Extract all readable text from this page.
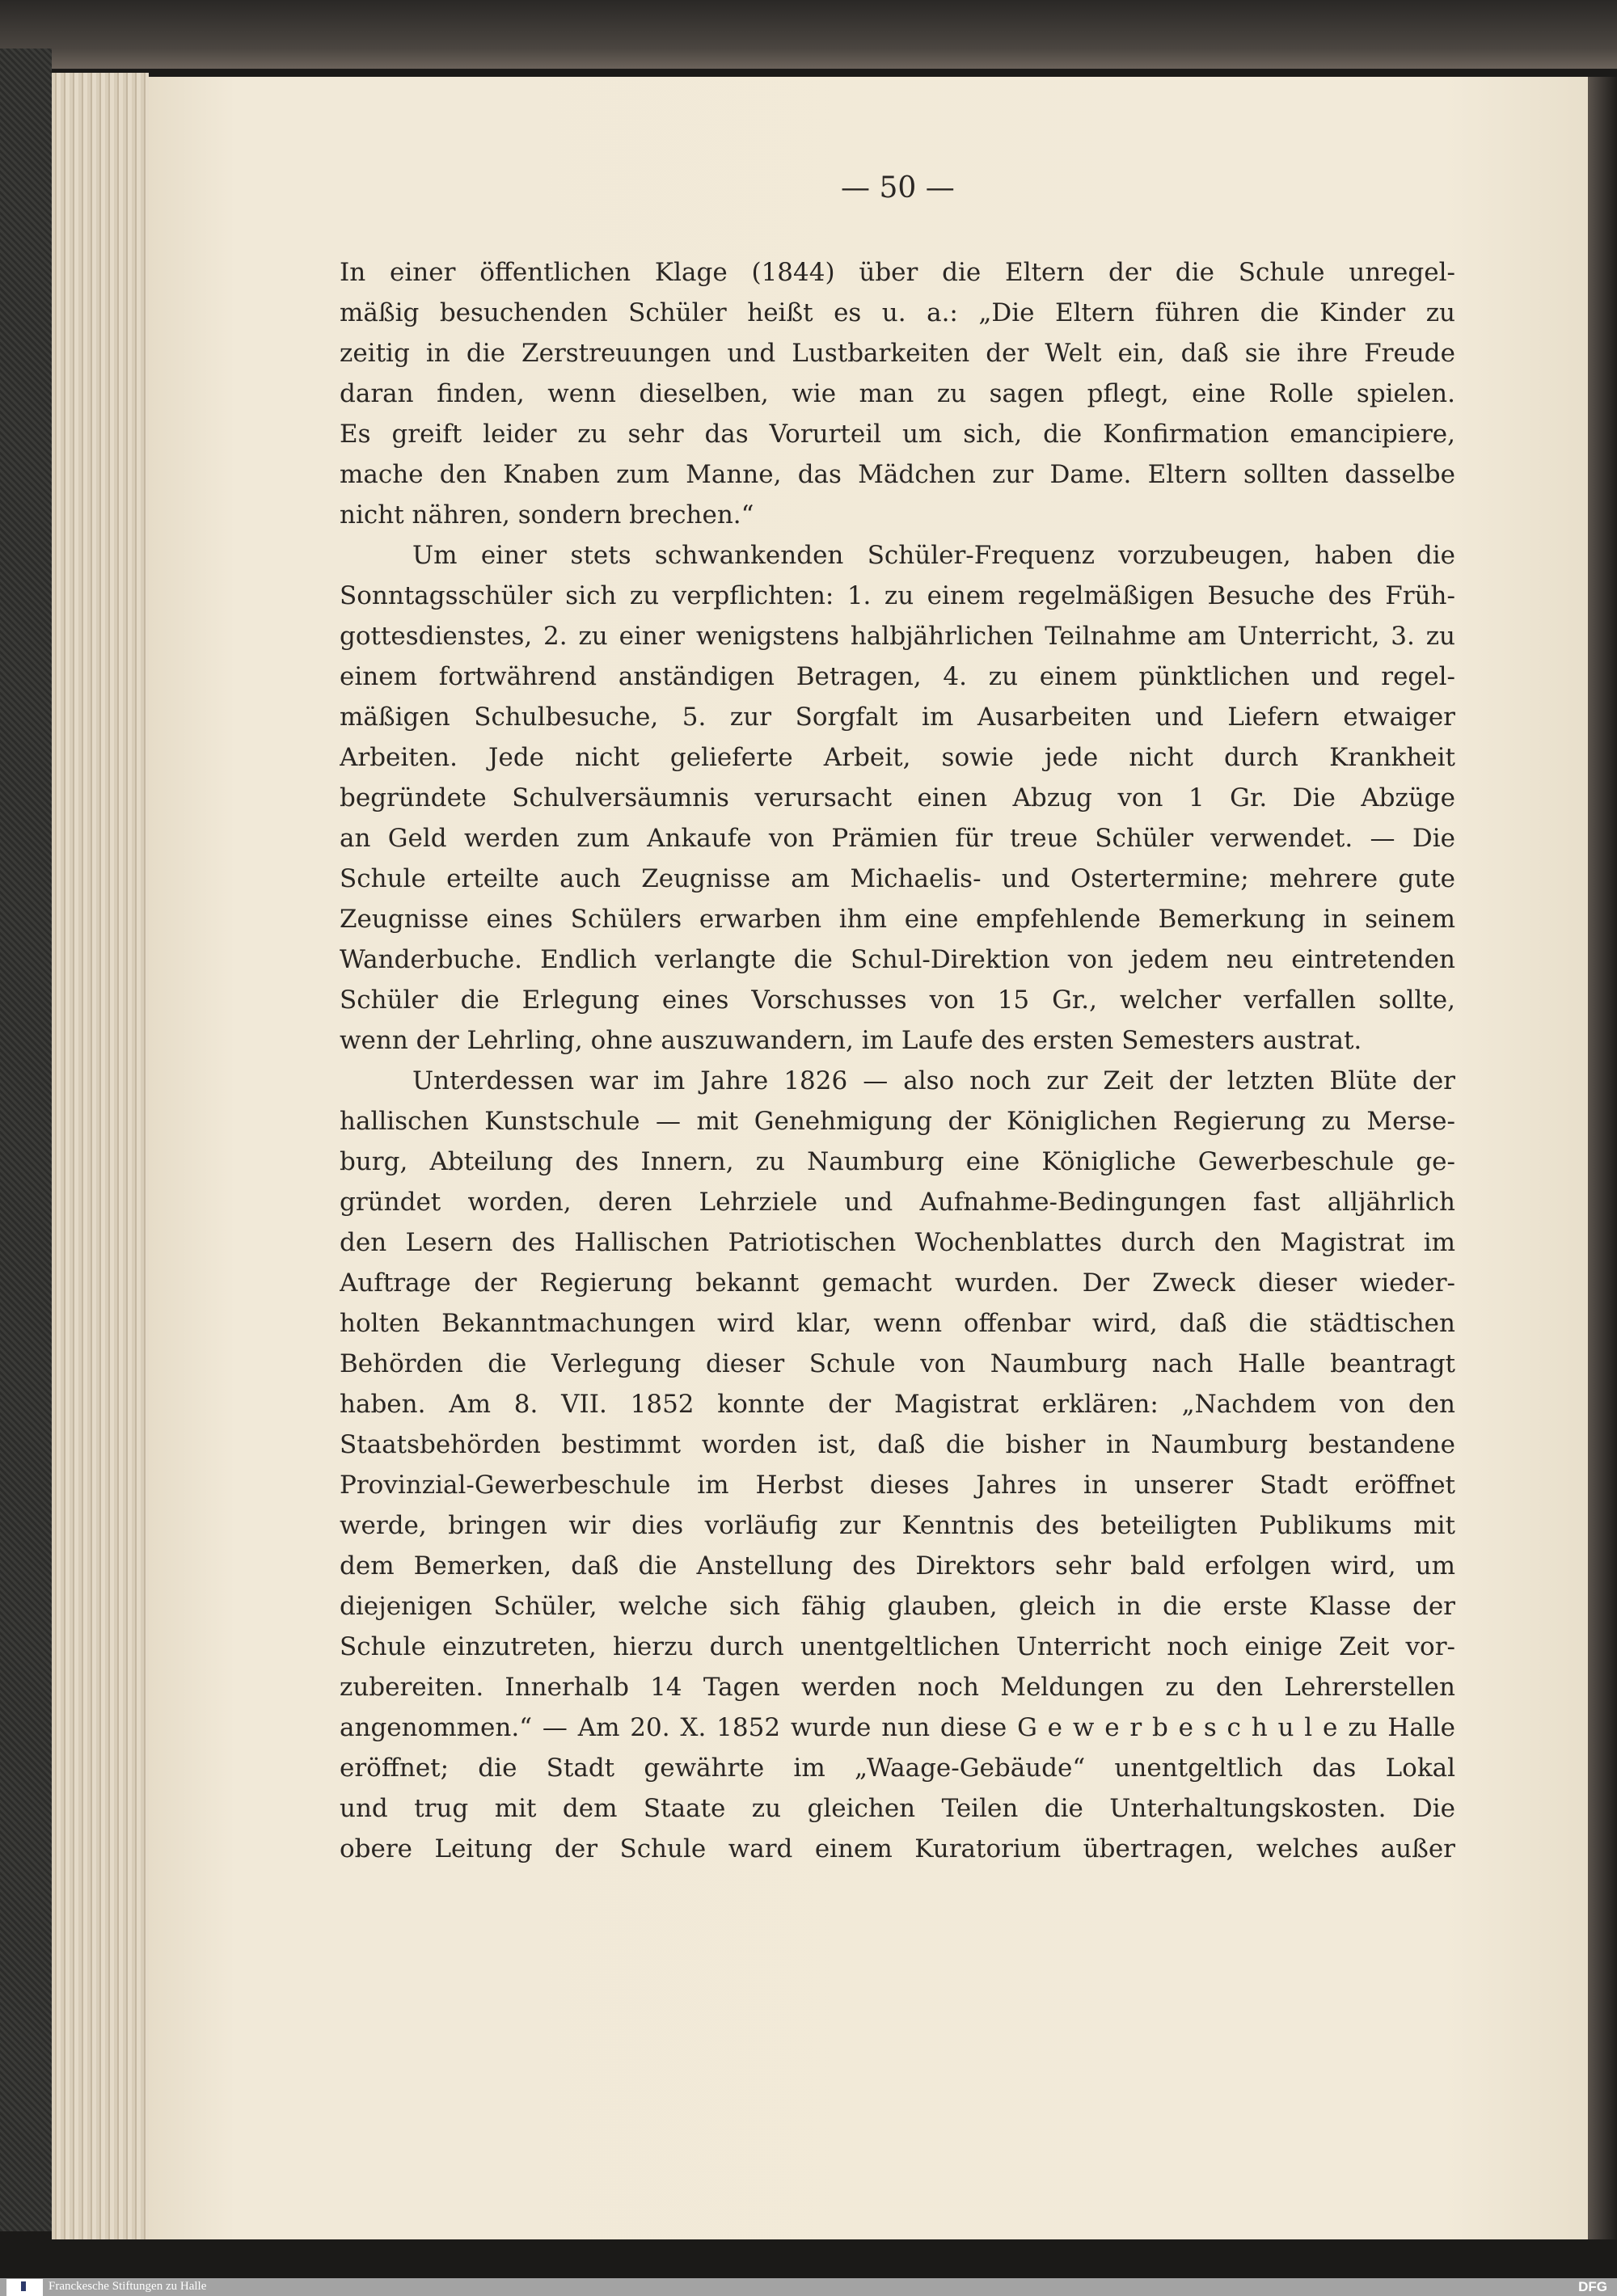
— 50 —
In einer öffentlichen Klage (1844) über die Eltern der die Schule unregel-
mäßig besuchenden Schüler heißt es u. a.: „Die Eltern führen die Kinder zu
zeitig in die Zerstreuungen und Lustbarkeiten der Welt ein, daß sie ihre Freude
daran finden, wenn dieselben, wie man zu sagen pflegt, eine Rolle spielen.
Es greift leider zu sehr das Vorurteil um sich, die Konfirmation emancipiere,
mache den Knaben zum Manne, das Mädchen zur Dame. Eltern sollten dasselbe
nicht nähren, sondern brechen.“
Um einer stets schwankenden Schüler-Frequenz vorzubeugen, haben die
Sonntagsschüler sich zu verpflichten: 1. zu einem regelmäßigen Besuche des Früh-
gottesdienstes, 2. zu einer wenigstens halbjährlichen Teilnahme am Unterricht, 3. zu
einem fortwährend anständigen Betragen, 4. zu einem pünktlichen und regel-
mäßigen Schulbesuche, 5. zur Sorgfalt im Ausarbeiten und Liefern etwaiger
Arbeiten. Jede nicht gelieferte Arbeit, sowie jede nicht durch Krankheit
begründete Schulversäumnis verursacht einen Abzug von 1 Gr. Die Abzüge
an Geld werden zum Ankaufe von Prämien für treue Schüler verwendet. — Die
Schule erteilte auch Zeugnisse am Michaelis- und Ostertermine; mehrere gute
Zeugnisse eines Schülers erwarben ihm eine empfehlende Bemerkung in seinem
Wanderbuche. Endlich verlangte die Schul-Direktion von jedem neu eintretenden
Schüler die Erlegung eines Vorschusses von 15 Gr., welcher verfallen sollte,
wenn der Lehrling, ohne auszuwandern, im Laufe des ersten Semesters austrat.
Unterdessen war im Jahre 1826 — also noch zur Zeit der letzten Blüte der
hallischen Kunstschule — mit Genehmigung der Königlichen Regierung zu Merse-
burg, Abteilung des Innern, zu Naumburg eine Königliche Gewerbeschule ge-
gründet worden, deren Lehrziele und Aufnahme-Bedingungen fast alljährlich
den Lesern des Hallischen Patriotischen Wochenblattes durch den Magistrat im
Auftrage der Regierung bekannt gemacht wurden. Der Zweck dieser wieder-
holten Bekanntmachungen wird klar, wenn offenbar wird, daß die städtischen
Behörden die Verlegung dieser Schule von Naumburg nach Halle beantragt
haben. Am 8. VII. 1852 konnte der Magistrat erklären: „Nachdem von den
Staatsbehörden bestimmt worden ist, daß die bisher in Naumburg bestandene
Provinzial-Gewerbeschule im Herbst dieses Jahres in unserer Stadt eröffnet
werde, bringen wir dies vorläufig zur Kenntnis des beteiligten Publikums mit
dem Bemerken, daß die Anstellung des Direktors sehr bald erfolgen wird, um
diejenigen Schüler, welche sich fähig glauben, gleich in die erste Klasse der
Schule einzutreten, hierzu durch unentgeltlichen Unterricht noch einige Zeit vor-
zubereiten. Innerhalb 14 Tagen werden noch Meldungen zu den Lehrerstellen
angenommen.“ — Am 20. X. 1852 wurde nun diese G e w e r b e s c h u l e zu Halle
eröffnet; die Stadt gewährte im „Waage-Gebäude“ unentgeltlich das Lokal
und trug mit dem Staate zu gleichen Teilen die Unterhaltungskosten. Die
obere Leitung der Schule ward einem Kuratorium übertragen, welches außer
Franckesche Stiftungen zu Halle	DFG
